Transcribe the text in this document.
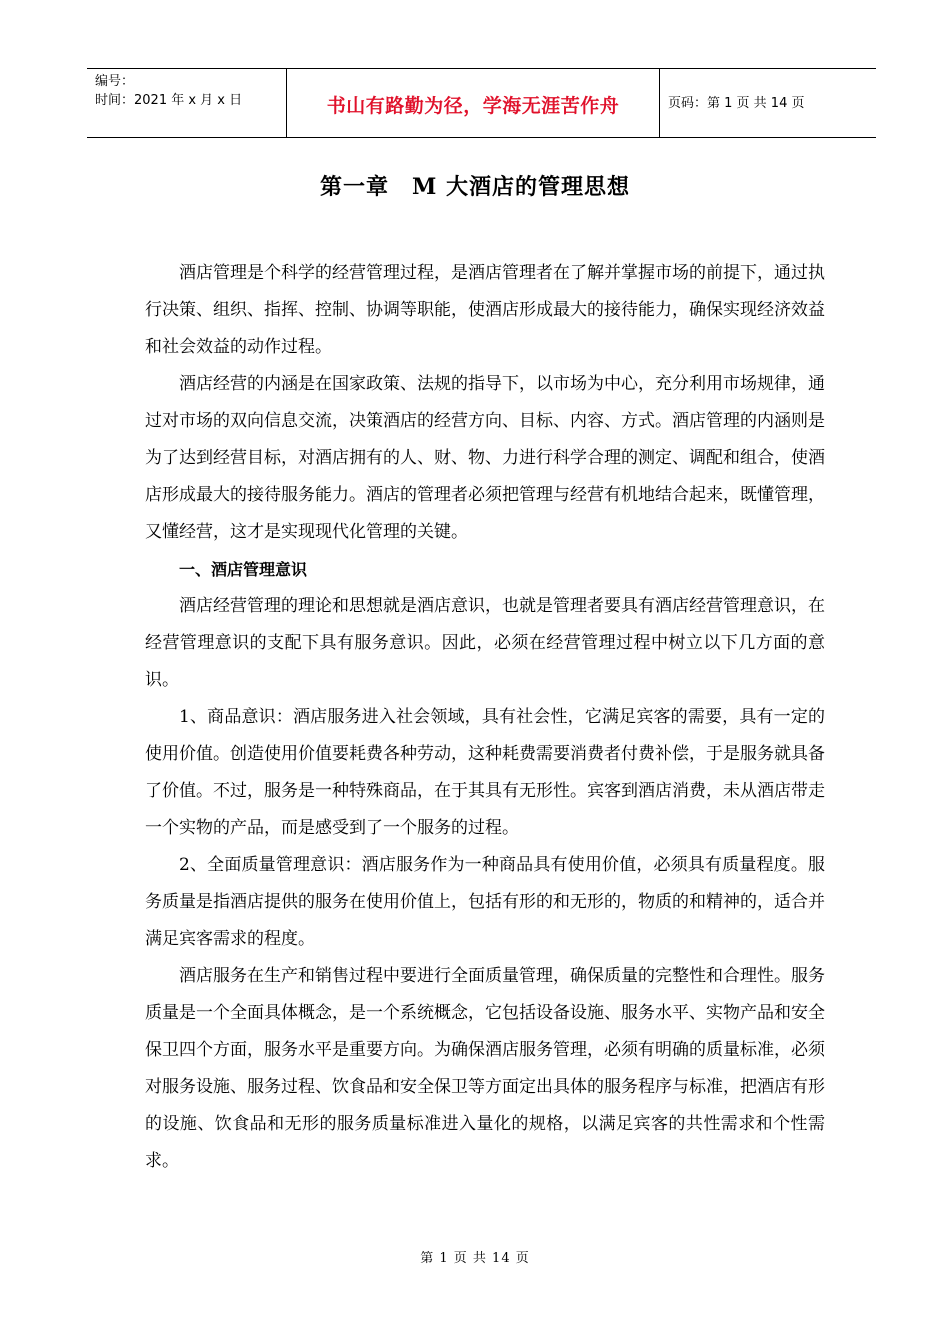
编号：
时间：2021 年 x 月 x 日	书山有路勤为径，学海无涯苦作舟	页码：第 1 页 共 14 页
第一章　M 大酒店的管理思想

酒店管理是个科学的经营管理过程，是酒店管理者在了解并掌握市场的前提下，通过执行决策、组织、指挥、控制、协调等职能，使酒店形成最大的接待能力，确保实现经济效益和社会效益的动作过程。

酒店经营的内涵是在国家政策、法规的指导下，以市场为中心，充分利用市场规律，通过对市场的双向信息交流，决策酒店的经营方向、目标、内容、方式。酒店管理的内涵则是为了达到经营目标，对酒店拥有的人、财、物、力进行科学合理的测定、调配和组合，使酒店形成最大的接待服务能力。酒店的管理者必须把管理与经营有机地结合起来，既懂管理，又懂经营，这才是实现现代化管理的关键。

一、酒店管理意识

酒店经营管理的理论和思想就是酒店意识，也就是管理者要具有酒店经营管理意识，在经营管理意识的支配下具有服务意识。因此，必须在经营管理过程中树立以下几方面的意识。

1、商品意识：酒店服务进入社会领域，具有社会性，它满足宾客的需要，具有一定的使用价值。创造使用价值要耗费各种劳动，这种耗费需要消费者付费补偿，于是服务就具备了价值。不过，服务是一种特殊商品，在于其具有无形性。宾客到酒店消费，未从酒店带走一个实物的产品，而是感受到了一个服务的过程。

2、全面质量管理意识：酒店服务作为一种商品具有使用价值，必须具有质量程度。服务质量是指酒店提供的服务在使用价值上，包括有形的和无形的，物质的和精神的，适合并满足宾客需求的程度。

酒店服务在生产和销售过程中要进行全面质量管理，确保质量的完整性和合理性。服务质量是一个全面具体概念，是一个系统概念，它包括设备设施、服务水平、实物产品和安全保卫四个方面，服务水平是重要方向。为确保酒店服务管理，必须有明确的质量标准，必须对服务设施、服务过程、饮食品和安全保卫等方面定出具体的服务程序与标准，把酒店有形的设施、饮食品和无形的服务质量标准进入量化的规格，以满足宾客的共性需求和个性需求。

第 1 页 共 14 页
